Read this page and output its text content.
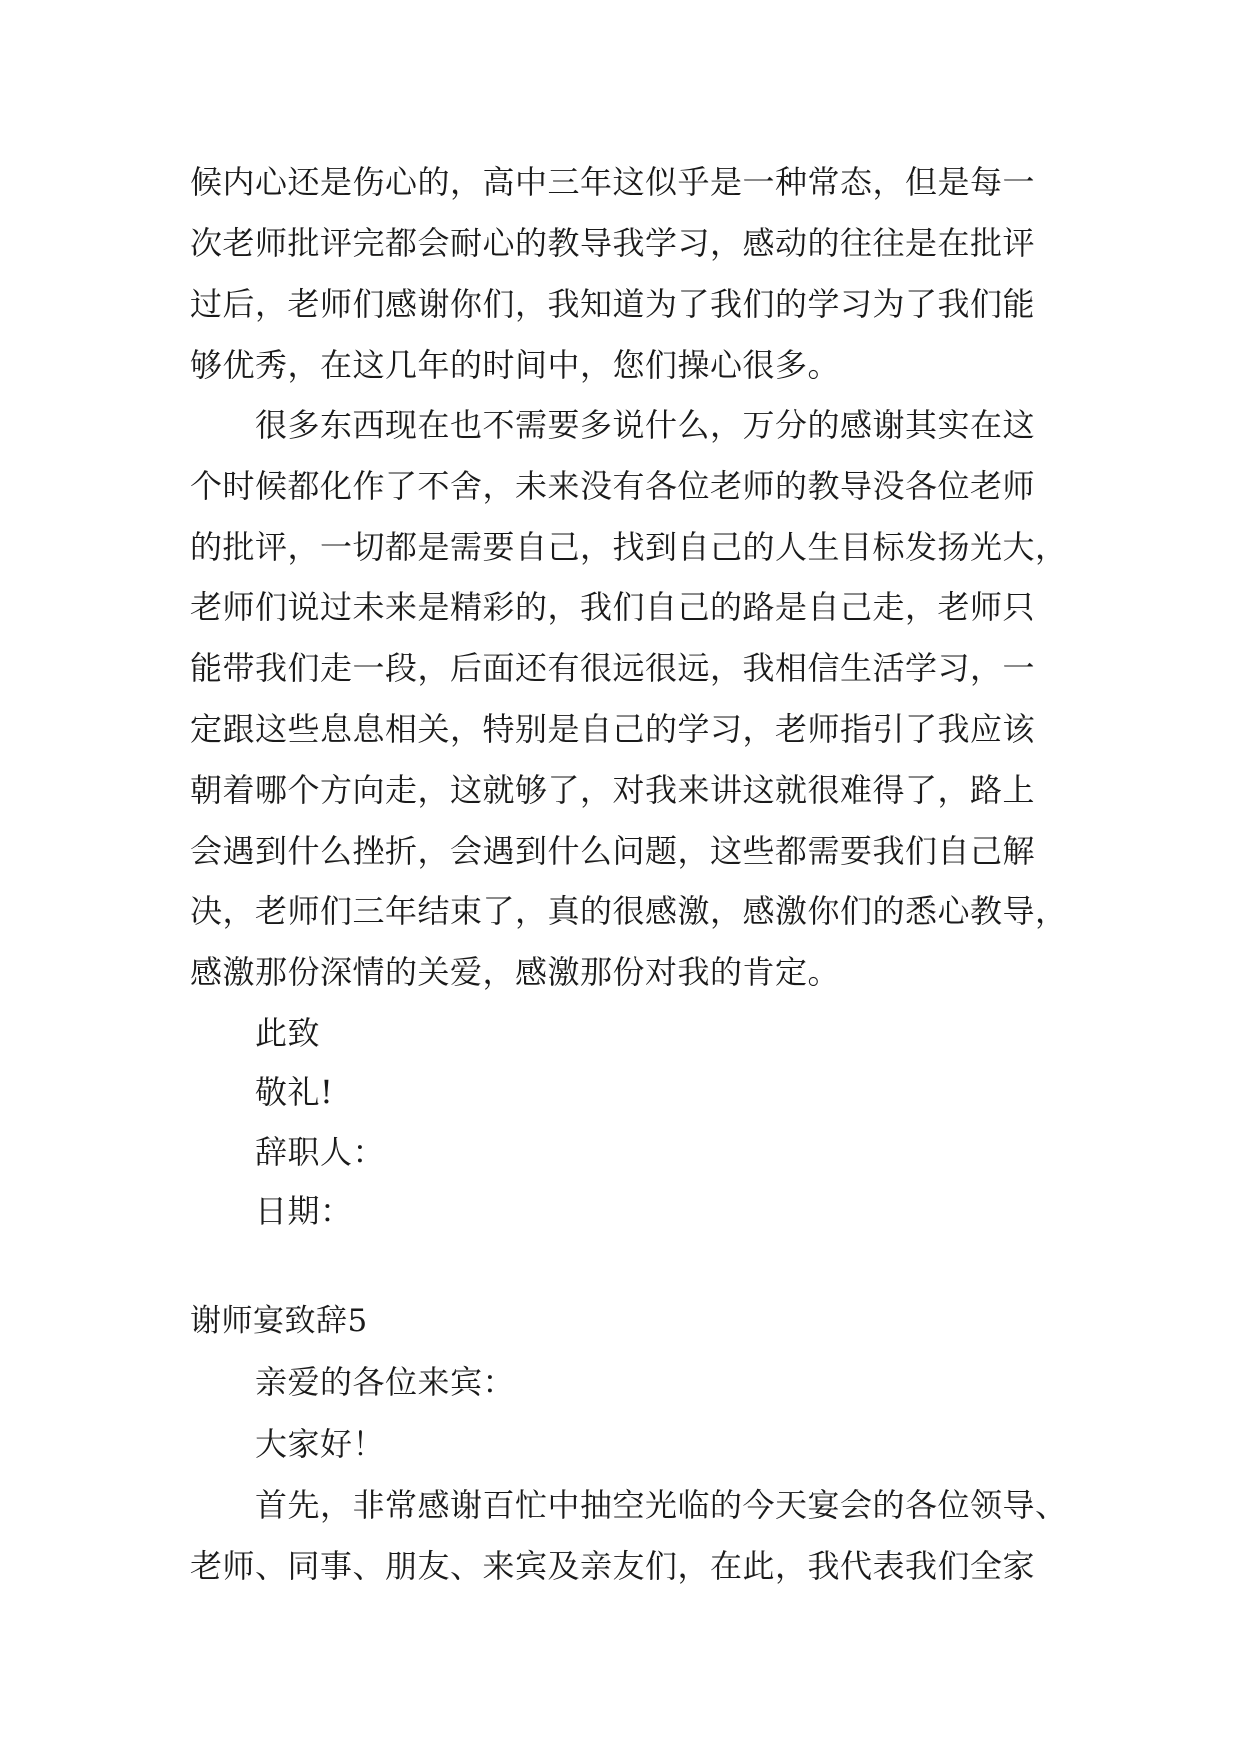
候内心还是伤心的，高中三年这似乎是一种常态，但是每一
次老师批评完都会耐心的教导我学习，感动的往往是在批评
过后，老师们感谢你们，我知道为了我们的学习为了我们能
够优秀，在这几年的时间中，您们操心很多。
很多东西现在也不需要多说什么，万分的感谢其实在这
个时候都化作了不舍，未来没有各位老师的教导没各位老师
的批评，一切都是需要自己，找到自己的人生目标发扬光大，
老师们说过未来是精彩的，我们自己的路是自己走，老师只
能带我们走一段，后面还有很远很远，我相信生活学习，一
定跟这些息息相关，特别是自己的学习，老师指引了我应该
朝着哪个方向走，这就够了，对我来讲这就很难得了，路上
会遇到什么挫折，会遇到什么问题，这些都需要我们自己解
决，老师们三年结束了，真的很感激，感激你们的悉心教导，
感激那份深情的关爱，感激那份对我的肯定。
此致
敬礼!
辞职人：
日期：
谢师宴致辞5
亲爱的各位来宾：
大家好！
首先，非常感谢百忙中抽空光临的今天宴会的各位领导、
老师、同事、朋友、来宾及亲友们，在此，我代表我们全家
